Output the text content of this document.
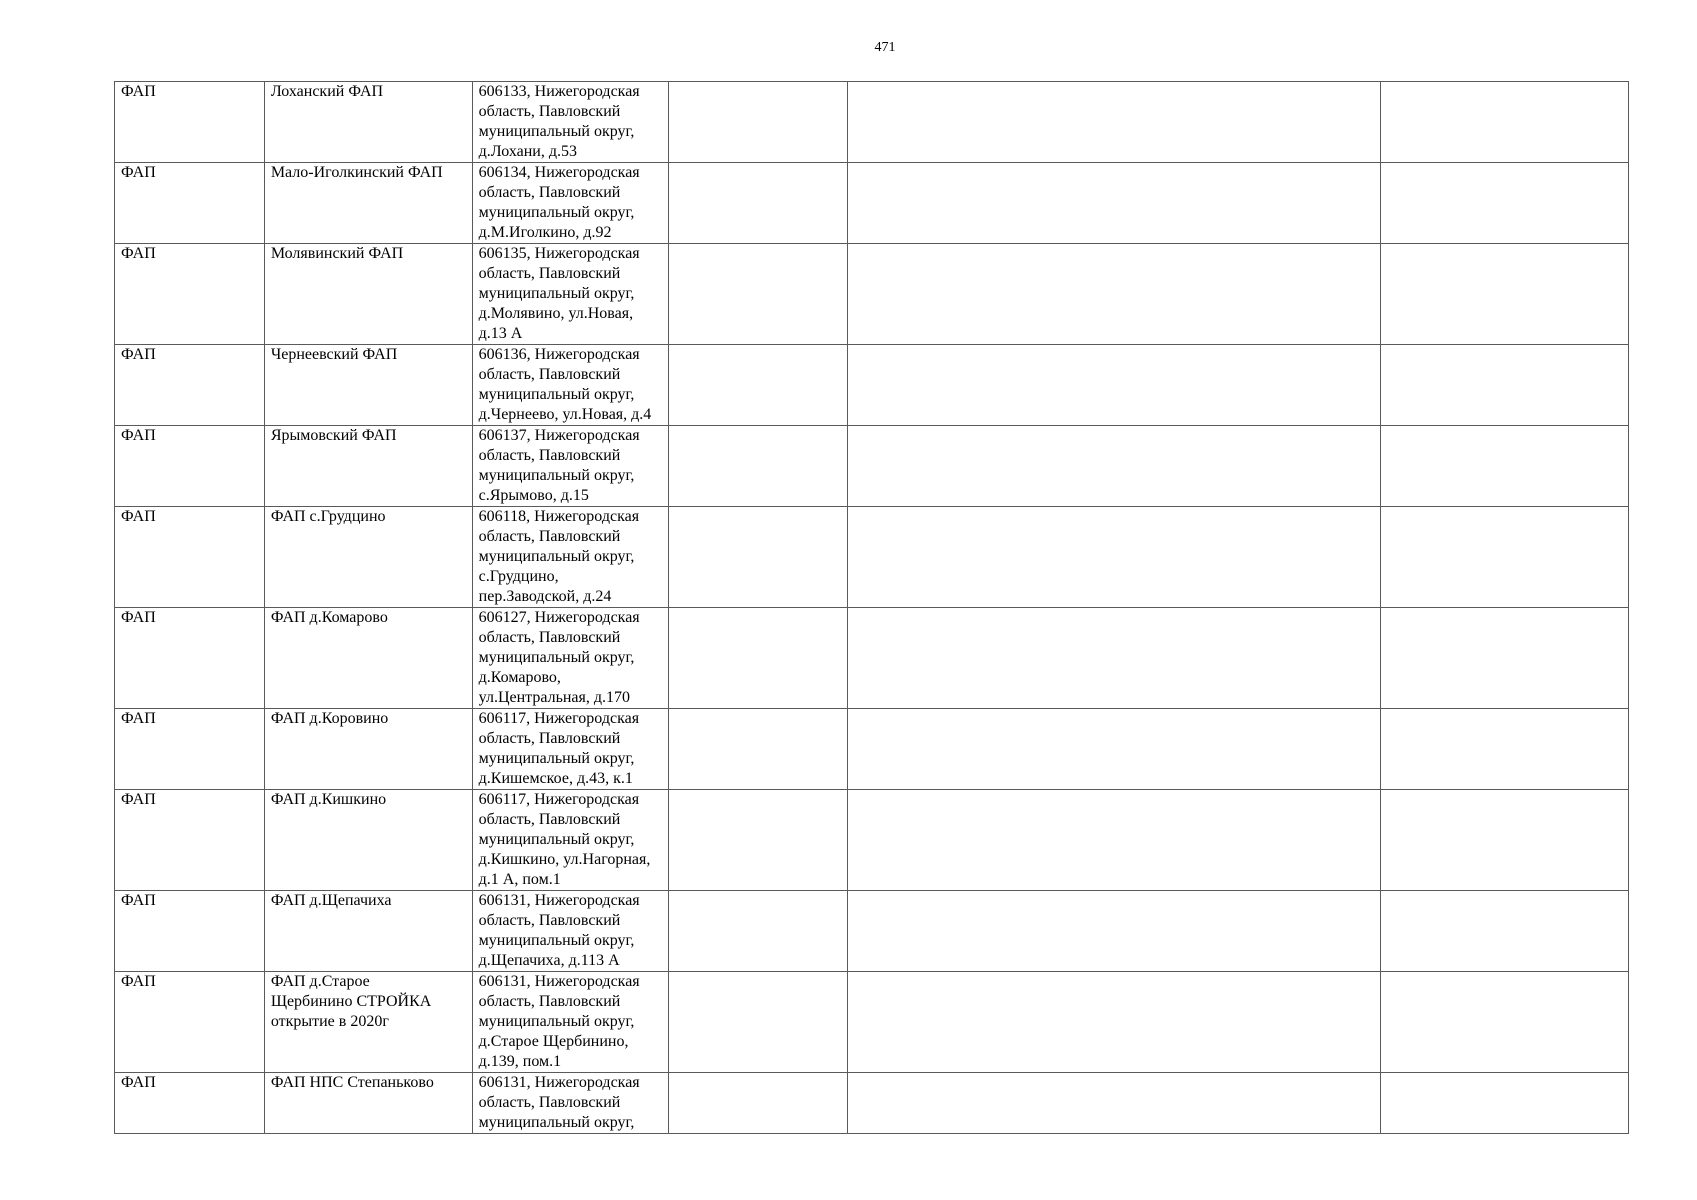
471
ФАП	Лоханский ФАП	606133, Нижегородская
область, Павловский
муниципальный округ,
д.Лохани, д.53			
ФАП	Мало-Иголкинский ФАП	606134, Нижегородская
область, Павловский
муниципальный округ,
д.М.Иголкино, д.92			
ФАП	Молявинский ФАП	606135, Нижегородская
область, Павловский
муниципальный округ,
д.Молявино, ул.Новая,
д.13 А			
ФАП	Чернеевский ФАП	606136, Нижегородская
область, Павловский
муниципальный округ,
д.Чернеево, ул.Новая, д.4			
ФАП	Ярымовский ФАП	606137, Нижегородская
область, Павловский
муниципальный округ,
с.Ярымово, д.15			
ФАП	ФАП с.Грудцино	606118, Нижегородская
область, Павловский
муниципальный округ,
с.Грудцино,
пер.Заводской, д.24			
ФАП	ФАП д.Комарово	606127, Нижегородская
область, Павловский
муниципальный округ,
д.Комарово,
ул.Центральная, д.170			
ФАП	ФАП д.Коровино	606117, Нижегородская
область, Павловский
муниципальный округ,
д.Кишемское, д.43, к.1			
ФАП	ФАП д.Кишкино	606117, Нижегородская
область, Павловский
муниципальный округ,
д.Кишкино, ул.Нагорная,
д.1 А, пом.1			
ФАП	ФАП д.Щепачиха	606131, Нижегородская
область, Павловский
муниципальный округ,
д.Щепачиха, д.113 А			
ФАП	ФАП д.Старое
Щербинино СТРОЙКА
открытие в 2020г	606131, Нижегородская
область, Павловский
муниципальный округ,
д.Старое Щербинино,
д.139, пом.1			
ФАП	ФАП НПС Степаньково	606131, Нижегородская
область, Павловский
муниципальный округ,			
